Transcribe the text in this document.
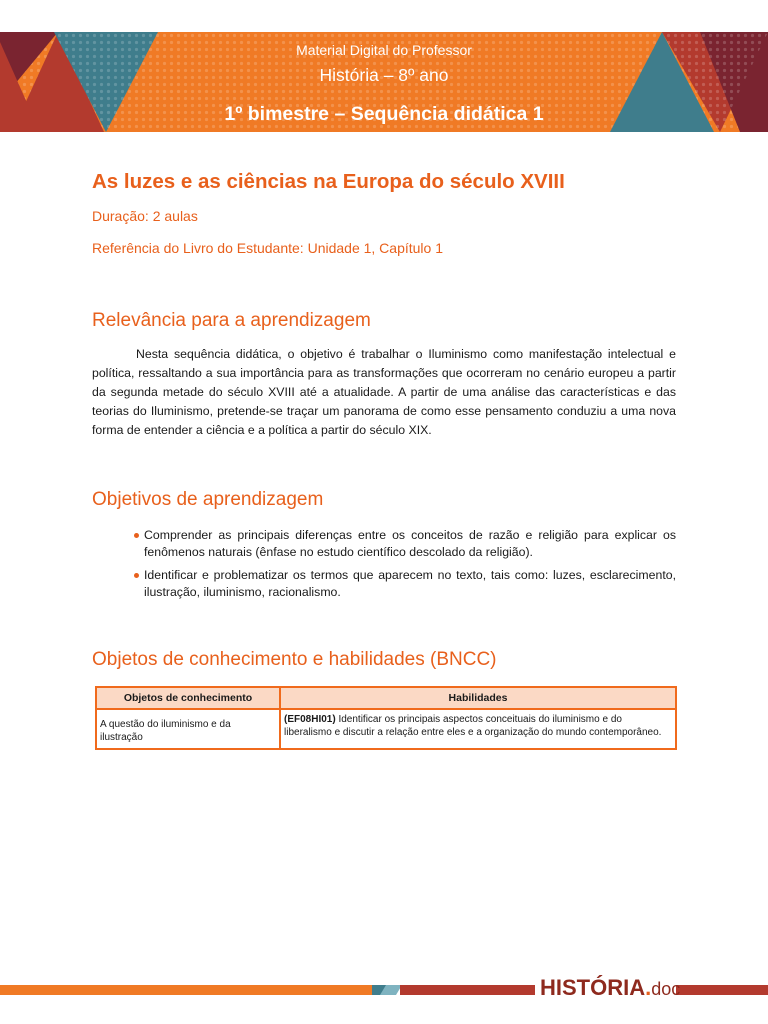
Material Digital do Professor
História – 8º ano
1º bimestre – Sequência didática 1
As luzes e as ciências na Europa do século XVIII
Duração: 2 aulas
Referência do Livro do Estudante: Unidade 1, Capítulo 1
Relevância para a aprendizagem
Nesta sequência didática, o objetivo é trabalhar o Iluminismo como manifestação intelectual e política, ressaltando a sua importância para as transformações que ocorreram no cenário europeu a partir da segunda metade do século XVIII até a atualidade. A partir de uma análise das características e das teorias do Iluminismo, pretende-se traçar um panorama de como esse pensamento conduziu a uma nova forma de entender a ciência e a política a partir do século XIX.
Objetivos de aprendizagem
Comprender as principais diferenças entre os conceitos de razão e religião para explicar os fenômenos naturais (ênfase no estudo científico descolado da religião).
Identificar e problematizar os termos que aparecem no texto, tais como: luzes, esclarecimento, ilustração, iluminismo, racionalismo.
Objetos de conhecimento e habilidades (BNCC)
Objetos de conhecimento	Habilidades
A questão do iluminismo e da ilustração	(EF08HI01) Identificar os principais aspectos conceituais do iluminismo e do liberalismo e discutir a relação entre eles e a organização do mundo contemporâneo.
HISTÓRIA.doc
